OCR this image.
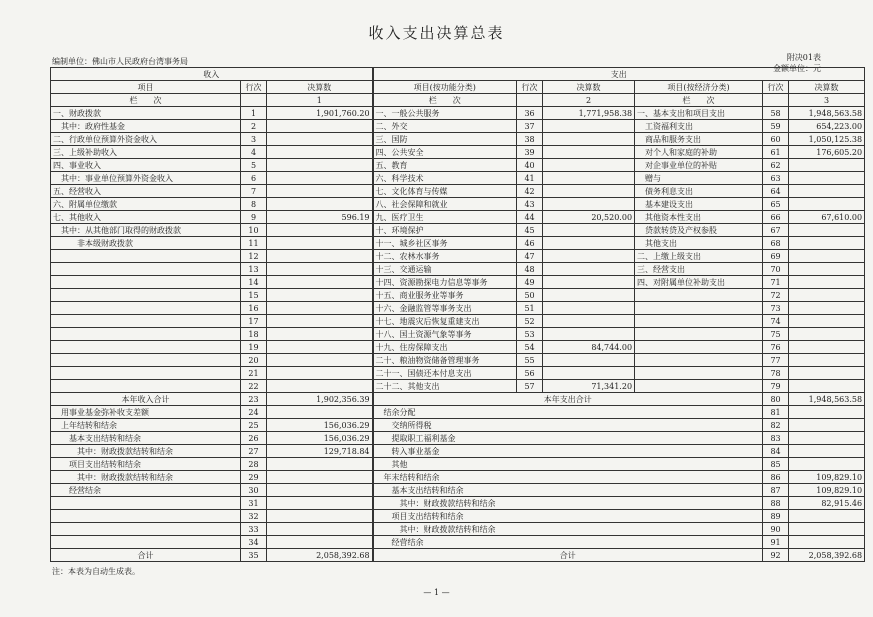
收入支出决算总表
编制单位：佛山市人民政府台湾事务局	附决01表
金额单位：元
收入			支出					
项目	行次	决算数	项目(按功能分类)	行次	决算数	项目(按经济分类)	行次	决算数
栏　　次		1	栏　　次		2	栏　　次		3
一、财政拨款	1	1,901,760.20	一、一般公共服务	36	1,771,958.38	一、基本支出和项目支出	58	1,948,563.58
　其中：政府性基金	2		二、外交	37		　工资福利支出	59	654,223.00
二、行政单位预算外资金收入	3		三、国防	38		　商品和服务支出	60	1,050,125.38
三、上级补助收入	4		四、公共安全	39		　对个人和家庭的补助	61	176,605.20
四、事业收入	5		五、教育	40		　对企事业单位的补贴	62	
　其中：事业单位预算外资金收入	6		六、科学技术	41		　赠与	63	
五、经营收入	7		七、文化体育与传媒	42		　债务利息支出	64	
六、附属单位缴款	8		八、社会保障和就业	43		　基本建设支出	65	
七、其他收入	9	596.19	九、医疗卫生	44	20,520.00	　其他资本性支出	66	67,610.00
　其中：从其他部门取得的财政拨款	10		十、环境保护	45		　贷款转贷及产权参股	67	
　　　非本级财政拨款	11		十一、城乡社区事务	46		　其他支出	68	
	12		十二、农林水事务	47		二、上缴上级支出	69	
	13		十三、交通运输	48		三、经营支出	70	
	14		十四、资源勘探电力信息等事务	49		四、对附属单位补助支出	71	
	15		十五、商业服务业等事务	50			72	
	16		十六、金融监管等事务支出	51			73	
	17		十七、地震灾后恢复重建支出	52			74	
	18		十八、国土资源气象等事务	53			75	
	19		十九、住房保障支出	54	84,744.00		76	
	20		二十、粮油物资储备管理事务	55			77	
	21		二十一、国债还本付息支出	56			78	
	22		二十二、其他支出	57	71,341.20		79	
本年收入合计	23	1,902,356.39	本年支出合计				80	1,948,563.58
　用事业基金弥补收支差额	24		　结余分配				81	
　上年结转和结余	25	156,036.29	　　交纳所得税				82	
　　基本支出结转和结余	26	156,036.29	　　提取职工福利基金				83	
　　　其中：财政拨款结转和结余	27	129,718.84	　　转入事业基金				84	
　　项目支出结转和结余	28		　　其他				85	
　　　其中：财政拨款结转和结余	29		　年末结转和结余				86	109,829.10
　　经营结余	30		　　基本支出结转和结余				87	109,829.10
	31		　　　其中：财政拨款结转和结余				88	82,915.46
	32		　　项目支出结转和结余				89	
	33		　　　其中：财政拨款结转和结余				90	
	34		　　经营结余				91	
合计	35	2,058,392.68	合计				92	2,058,392.68
注：本表为自动生成表。
— 1 —
